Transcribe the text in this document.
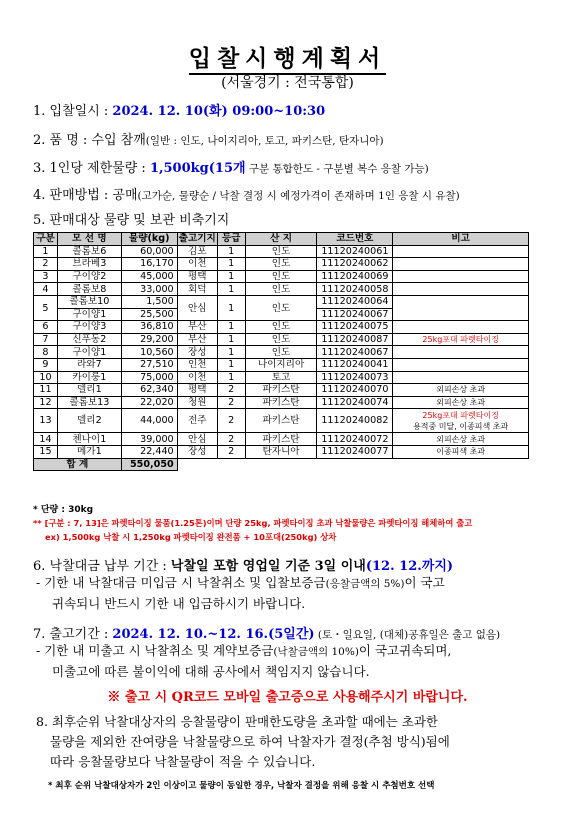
입찰시행계획서
(서울경기 : 전국통합)
1. 입찰일시 : 2024. 12. 10(화) 09:00~10:30
2. 품 명 : 수입 참깨(일반 : 인도, 나이지리아, 토고, 파키스탄, 탄자니아)
3. 1인당 제한물량 : 1,500kg(15개 구분 통합한도 - 구분별 복수 응찰 가능)
4. 판매방법 : 공매(고가순, 물량순 / 낙찰 결정 시 예정가격이 존재하며 1인 응찰 시 유찰)
5. 판매대상 물량 및 보관 비축기지
구분	모 선 명	물량(kg)	출고기지	등급	산 지	코드번호	비고
1	콜롬보6	60,000	김포	1	인도	11120240061	
2	브라베3	16,170	이천	1	인도	11120240062	
3	구이양2	45,000	평택	1	인도	11120240069	
4	콜롬보8	33,000	회덕	1	인도	11120240058	
5	콜롬보10	1,500	안심	1	인도	11120240064	
	구이양1	25,500				11120240067	
6	구이양3	36,810	부산	1	인도	11120240075	
7	신푸동2	29,200	부산	1	인도	11120240087	25kg포대 파렛타이징
8	구이양1	10,560	장성	1	인도	11120240067	
9	라와7	27,510	인천	1	나이지리아	11120240041	
10	카이룽1	75,000	이천	1	토고	11120240073	
11	델리1	62,340	평택	2	파키스탄	11120240070	외피손상 초과
12	콜롬보13	22,020	청원	2	파키스탄	11120240074	외피손상 초과
13	델리2	44,000	전주	2	파키스탄	11120240082	25kg포대 파렛타이징
용적중 미달, 이종피색 초과

14	첸나이1	39,000	안심	2	파키스탄	11120240072	외피손상 초과
15	메가1	22,440	장성	2	탄자니아	11120240077	이종피색 초과
합 계		550,050					
* 단량 : 30kg
** [구분 : 7, 13]은 파렛타이징 물품(1.25톤)이며 단량 25kg, 파렛타이징 초과 낙찰물량은 파렛타이징 해체하여 출고
ex) 1,500kg 낙찰 시 1,250kg 파렛타이징 완전품 + 10포대(250kg) 상차
6. 낙찰대금 납부 기간 : 낙찰일 포함 영업일 기준 3일 이내(12. 12.까지)
- 기한 내 낙찰대금 미입금 시 낙찰취소 및 입찰보증금(응찰금액의 5%)이 국고
귀속되니 반드시 기한 내 입금하시기 바랍니다.
7. 출고기간 : 2024. 12. 10.~12. 16.(5일간) (토・일요일, (대체)공휴일은 출고 없음)
- 기한 내 미출고 시 낙찰취소 및 계약보증금(낙찰금액의 10%)이 국고귀속되며,
미출고에 따른 불이익에 대해 공사에서 책임지지 않습니다.
※ 출고 시 QR코드 모바일 출고증으로 사용해주시기 바랍니다.
8. 최후순위 낙찰대상자의 응찰물량이 판매한도량을 초과할 때에는 초과한
물량을 제외한 잔여량을 낙찰물량으로 하여 낙찰자가 결정(추첨 방식)됨에
따라 응찰물량보다 낙찰물량이 적을 수 있습니다.
* 최후 순위 낙찰대상자가 2인 이상이고 물량이 동일한 경우, 낙찰자 결정을 위해 응찰 시 추첨번호 선택
